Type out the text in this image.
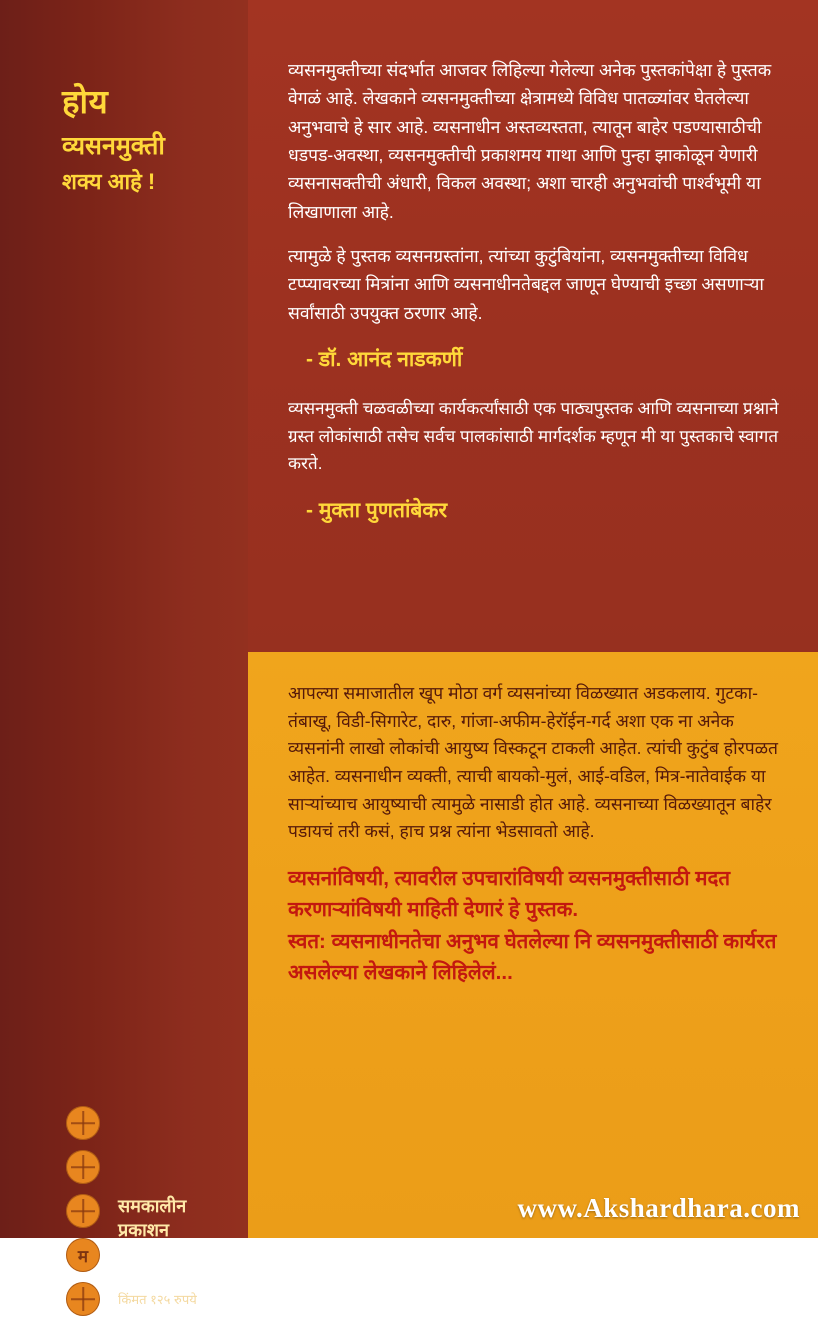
होय
व्यसनमुक्ती
शक्य आहे !
म
समकालीन
प्रकाशन
किंमत १२५ रुपये

व्यसनमुक्तीच्या संदर्भात आजवर लिहिल्या गेलेल्या अनेक पुस्तकांपेक्षा हे पुस्तक वेगळं आहे. लेखकाने व्यसनमुक्तीच्या क्षेत्रामध्ये विविध पातळ्यांवर घेतलेल्या अनुभवाचे हे सार आहे. व्यसनाधीन अस्तव्यस्तता, त्यातून बाहेर पडण्यासाठीची धडपड-अवस्था, व्यसनमुक्तीची प्रकाशमय गाथा आणि पुन्हा झाकोळून येणारी व्यसनासक्तीची अंधारी, विकल अवस्था; अशा चारही अनुभवांची पार्श्वभूमी या लिखाणाला आहे.

त्यामुळे हे पुस्तक व्यसनग्रस्तांना, त्यांच्या कुटुंबियांना, व्यसनमुक्तीच्या विविध टप्प्यावरच्या मित्रांना आणि व्यसनाधीनतेबद्दल जाणून घेण्याची इच्छा असणाऱ्या सर्वांसाठी उपयुक्त ठरणार आहे.

- डॉ. आनंद नाडकर्णी

व्यसनमुक्ती चळवळीच्या कार्यकर्त्यांसाठी एक पाठ्यपुस्तक आणि व्यसनाच्या प्रश्नाने ग्रस्त लोकांसाठी तसेच सर्वच पालकांसाठी मार्गदर्शक म्हणून मी या पुस्तकाचे स्वागत करते.

- मुक्ता पुणतांबेकर

आपल्या समाजातील खूप मोठा वर्ग व्यसनांच्या विळख्यात अडकलाय. गुटका-तंबाखू, विडी-सिगारेट, दारु, गांजा-अफीम-हेरॉईन-गर्द अशा एक ना अनेक व्यसनांनी लाखो लोकांची आयुष्य विस्कटून टाकली आहेत. त्यांची कुटुंब होरपळत आहेत. व्यसनाधीन व्यक्ती, त्याची बायको-मुलं, आई-वडिल, मित्र-नातेवाईक या साऱ्यांच्याच आयुष्याची त्यामुळे नासाडी होत आहे. व्यसनाच्या विळख्यातून बाहेर पडायचं तरी कसं, हाच प्रश्न त्यांना भेडसावतो आहे.

व्यसनांविषयी, त्यावरील उपचारांविषयी व्यसनमुक्तीसाठी मदत करणाऱ्यांविषयी माहिती देणारं हे पुस्तक.

स्वत: व्यसनाधीनतेचा अनुभव घेतलेल्या नि व्यसनमुक्तीसाठी कार्यरत असलेल्या लेखकाने लिहिलेलं...

www.Akshardhara.com
